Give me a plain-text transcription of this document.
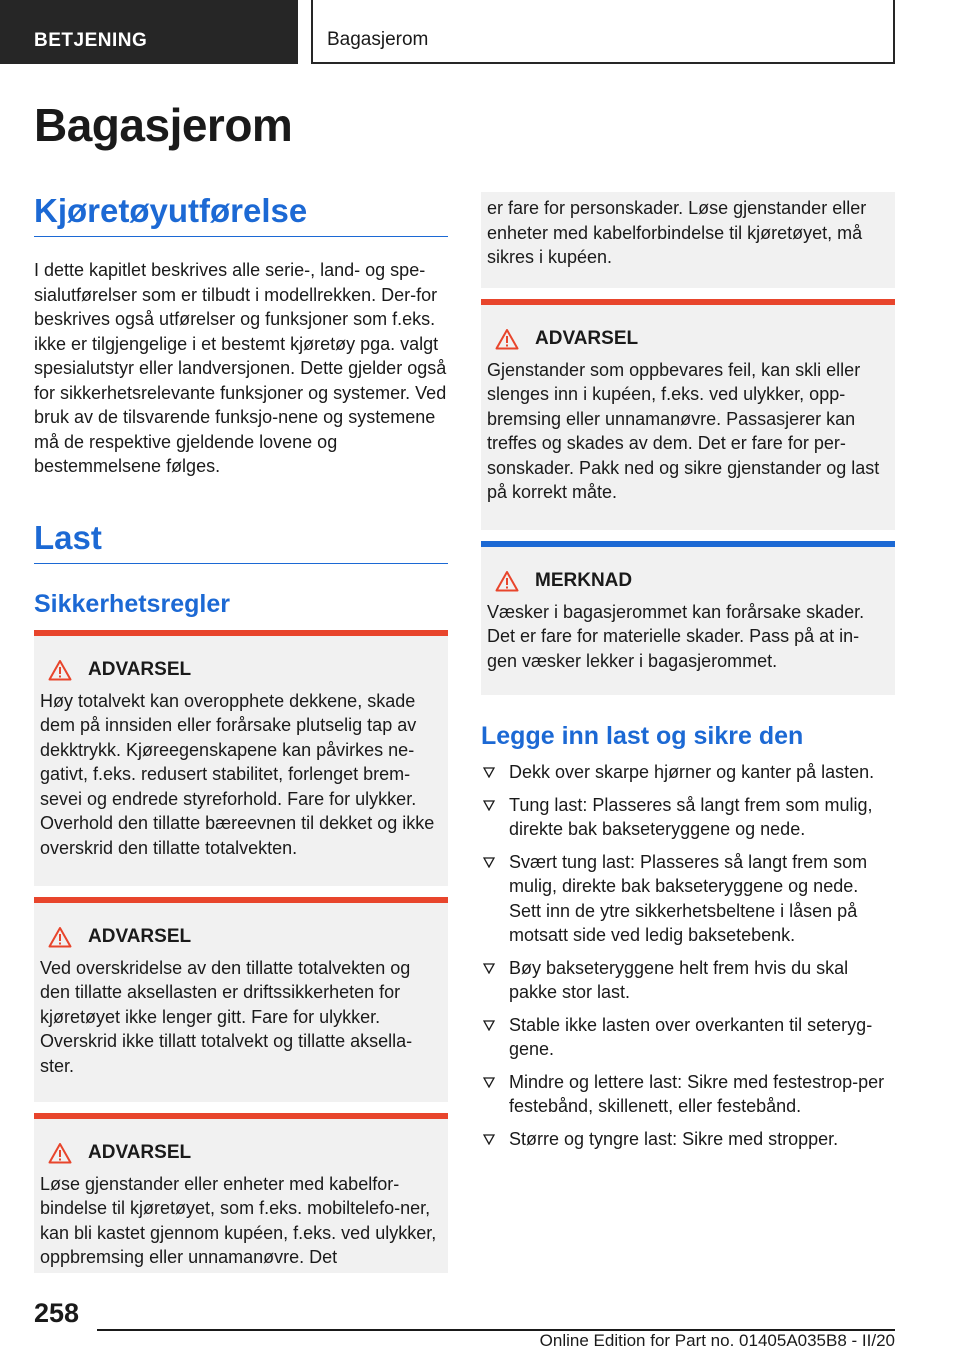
BETJENING	Bagasjerom
Bagasjerom
Kjøretøyutførelse

I dette kapitlet beskrives alle serie-, land- og spe-sialutførelser som er tilbudt i modellrekken. Der-for beskrives også utførelser og funksjoner som f.eks. ikke er tilgjengelige i et bestemt kjøretøy pga. valgt spesialutstyr eller landversjonen. Dette gjelder også for sikkerhetsrelevante funksjoner og systemer. Ved bruk av de tilsvarende funksjo-nene og systemene må de respektive gjeldende lovene og bestemmelsene følges.

Last
Sikkerhetsregler
ADVARSEL

Høy totalvekt kan overopphete dekkene, skade dem på innsiden eller forårsake plutselig tap av dekktrykk. Kjøreegenskapene kan påvirkes ne-gativt, f.eks. redusert stabilitet, forlenget brem-sevei og endrede styreforhold. Fare for ulykker. Overhold den tillatte bæreevnen til dekket og ikke overskrid den tillatte totalvekten.

ADVARSEL

Ved overskridelse av den tillatte totalvekten og den tillatte aksellasten er driftssikkerheten for kjøretøyet ikke lenger gitt. Fare for ulykker. Overskrid ikke tillatt totalvekt og tillatte aksella-ster.

ADVARSEL

Løse gjenstander eller enheter med kabelfor-bindelse til kjøretøyet, som f.eks. mobiltelefo-ner, kan bli kastet gjennom kupéen, f.eks. ved ulykker, oppbremsing eller unnamanøvre. Det

er fare for personskader. Løse gjenstander eller enheter med kabelforbindelse til kjøretøyet, må sikres i kupéen.

ADVARSEL

Gjenstander som oppbevares feil, kan skli eller slenges inn i kupéen, f.eks. ved ulykker, opp-bremsing eller unnamanøvre. Passasjerer kan treffes og skades av dem. Det er fare for per-sonskader. Pakk ned og sikre gjenstander og last på korrekt måte.

MERKNAD

Væsker i bagasjerommet kan forårsake skader. Det er fare for materielle skader. Pass på at in-gen væsker lekker i bagasjerommet.

Legge inn last og sikre den
Dekk over skarpe hjørner og kanter på lasten.
Tung last: Plasseres så langt frem som mulig, direkte bak bakseteryggene og nede.
Svært tung last: Plasseres så langt frem som mulig, direkte bak bakseteryggene og nede. Sett inn de ytre sikkerhetsbeltene i låsen på motsatt side ved ledig baksetebenk.
Bøy bakseteryggene helt frem hvis du skal pakke stor last.
Stable ikke lasten over overkanten til seteryg-gene.
Mindre og lettere last: Sikre med festestrop-per festebånd, skillenett, eller festebånd.
Større og tyngre last: Sikre med stropper.
258
Online Edition for Part no. 01405A035B8 - II/20
